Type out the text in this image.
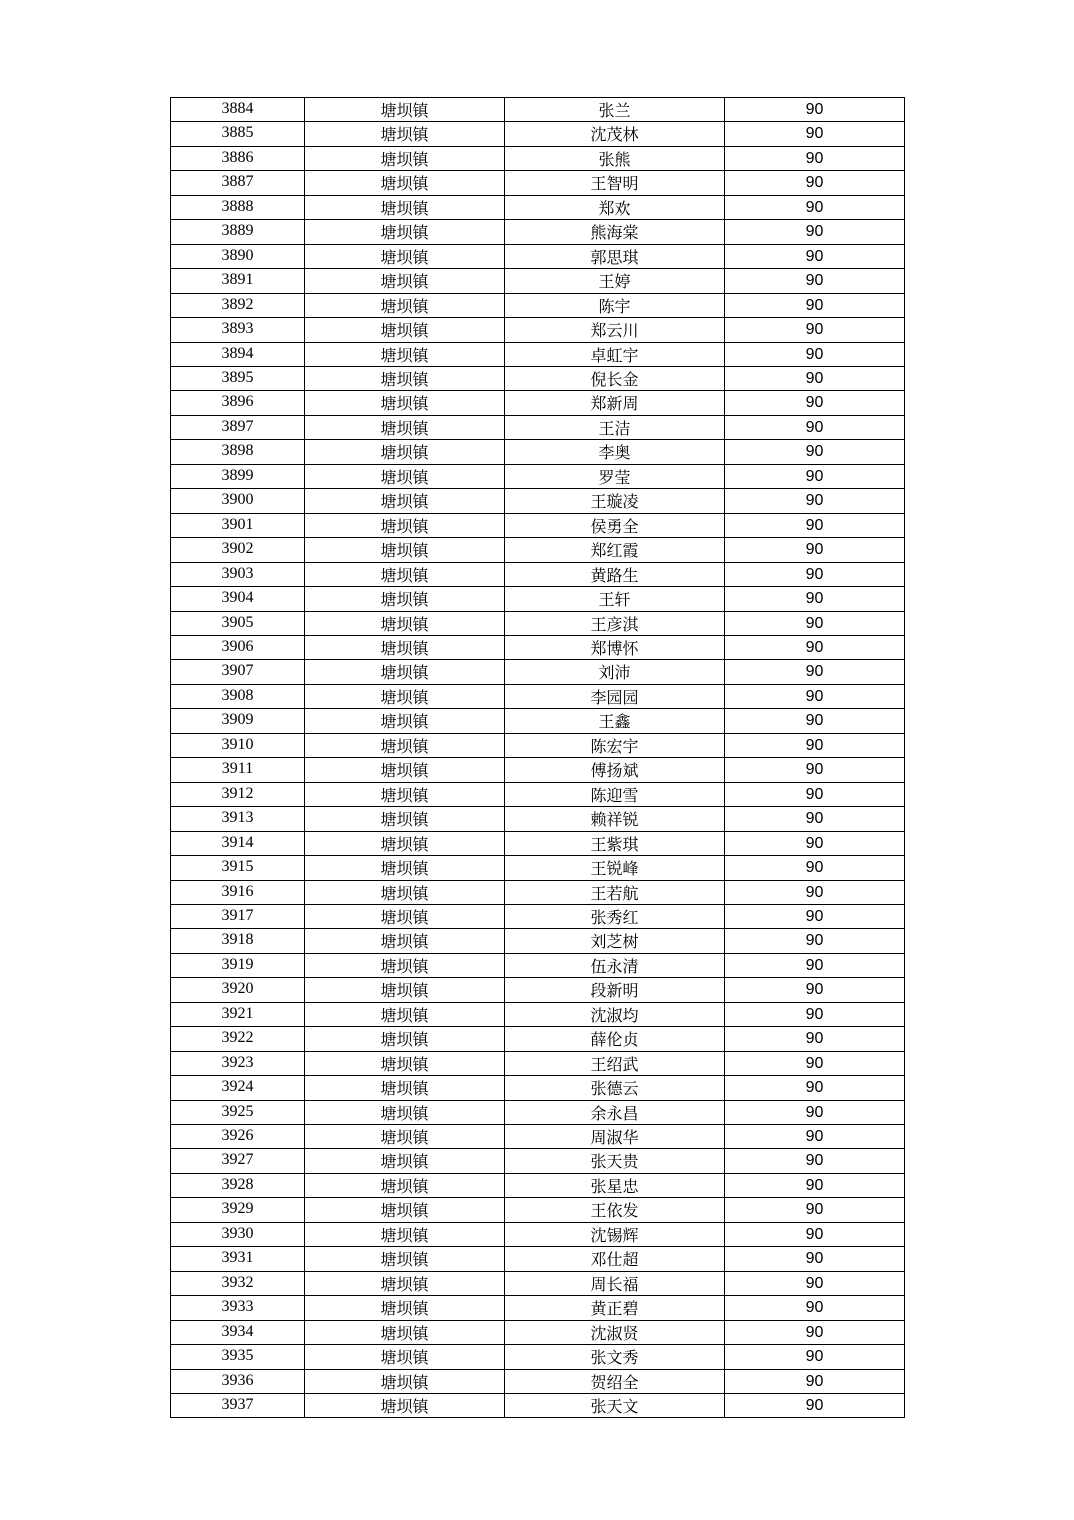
3884	塘坝镇	张兰	90
3885	塘坝镇	沈茂林	90
3886	塘坝镇	张熊	90
3887	塘坝镇	王智明	90
3888	塘坝镇	郑欢	90
3889	塘坝镇	熊海棠	90
3890	塘坝镇	郭思琪	90
3891	塘坝镇	王婷	90
3892	塘坝镇	陈宇	90
3893	塘坝镇	郑云川	90
3894	塘坝镇	卓虹宇	90
3895	塘坝镇	倪长金	90
3896	塘坝镇	郑新周	90
3897	塘坝镇	王洁	90
3898	塘坝镇	李奥	90
3899	塘坝镇	罗莹	90
3900	塘坝镇	王璇凌	90
3901	塘坝镇	侯勇全	90
3902	塘坝镇	郑红霞	90
3903	塘坝镇	黄路生	90
3904	塘坝镇	王轩	90
3905	塘坝镇	王彦淇	90
3906	塘坝镇	郑博怀	90
3907	塘坝镇	刘沛	90
3908	塘坝镇	李园园	90
3909	塘坝镇	王鑫	90
3910	塘坝镇	陈宏宇	90
3911	塘坝镇	傅扬斌	90
3912	塘坝镇	陈迎雪	90
3913	塘坝镇	赖祥锐	90
3914	塘坝镇	王紫琪	90
3915	塘坝镇	王锐峰	90
3916	塘坝镇	王若航	90
3917	塘坝镇	张秀红	90
3918	塘坝镇	刘芝树	90
3919	塘坝镇	伍永清	90
3920	塘坝镇	段新明	90
3921	塘坝镇	沈淑均	90
3922	塘坝镇	薛伦贞	90
3923	塘坝镇	王绍武	90
3924	塘坝镇	张德云	90
3925	塘坝镇	余永昌	90
3926	塘坝镇	周淑华	90
3927	塘坝镇	张天贵	90
3928	塘坝镇	张星忠	90
3929	塘坝镇	王依发	90
3930	塘坝镇	沈锡辉	90
3931	塘坝镇	邓仕超	90
3932	塘坝镇	周长福	90
3933	塘坝镇	黄正碧	90
3934	塘坝镇	沈淑贤	90
3935	塘坝镇	张文秀	90
3936	塘坝镇	贺绍全	90
3937	塘坝镇	张天文	90
